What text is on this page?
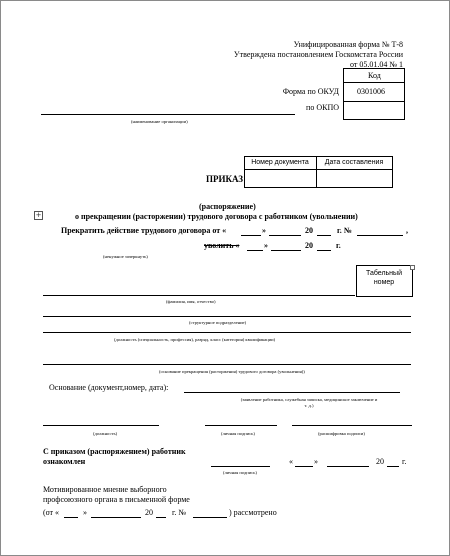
Унифицированная форма № Т-8
Утверждена постановлением Госкомстата России
от 05.01.04 № 1
Код
Форма по ОКУД 0301006
по ОКПО
(наименование организации)
Номер документа	Дата составления
ПРИКАЗ
(распоряжение)
+	о прекращении (расторжении) трудового договора с работником (увольнении)
Прекратить действие трудового договора от «	»	20	г. №	,
уволить «	»	20	г.
(ненужное зачеркнуть)
Табельный номер
(фамилия, имя, отчество)
(структурное подразделение)
(должность (специальность, профессия), разряд, класс (категория) квалификации)
(основание прекращения (расторжения) трудового договора (увольнения))
Основание (документ,номер, дата):
(заявление работника, служебная записка, медицинское заключение и т. д.)
(должность)	(личная подпись)	(расшифровка подписи)
С приказом (распоряжением) работник
ознакомлен
(личная подпись)
«	»	20 г.
Мотивированное мнение выборного
профсоюзного органа в письменной форме
(от «	»	20 г. №	) рассмотрено
